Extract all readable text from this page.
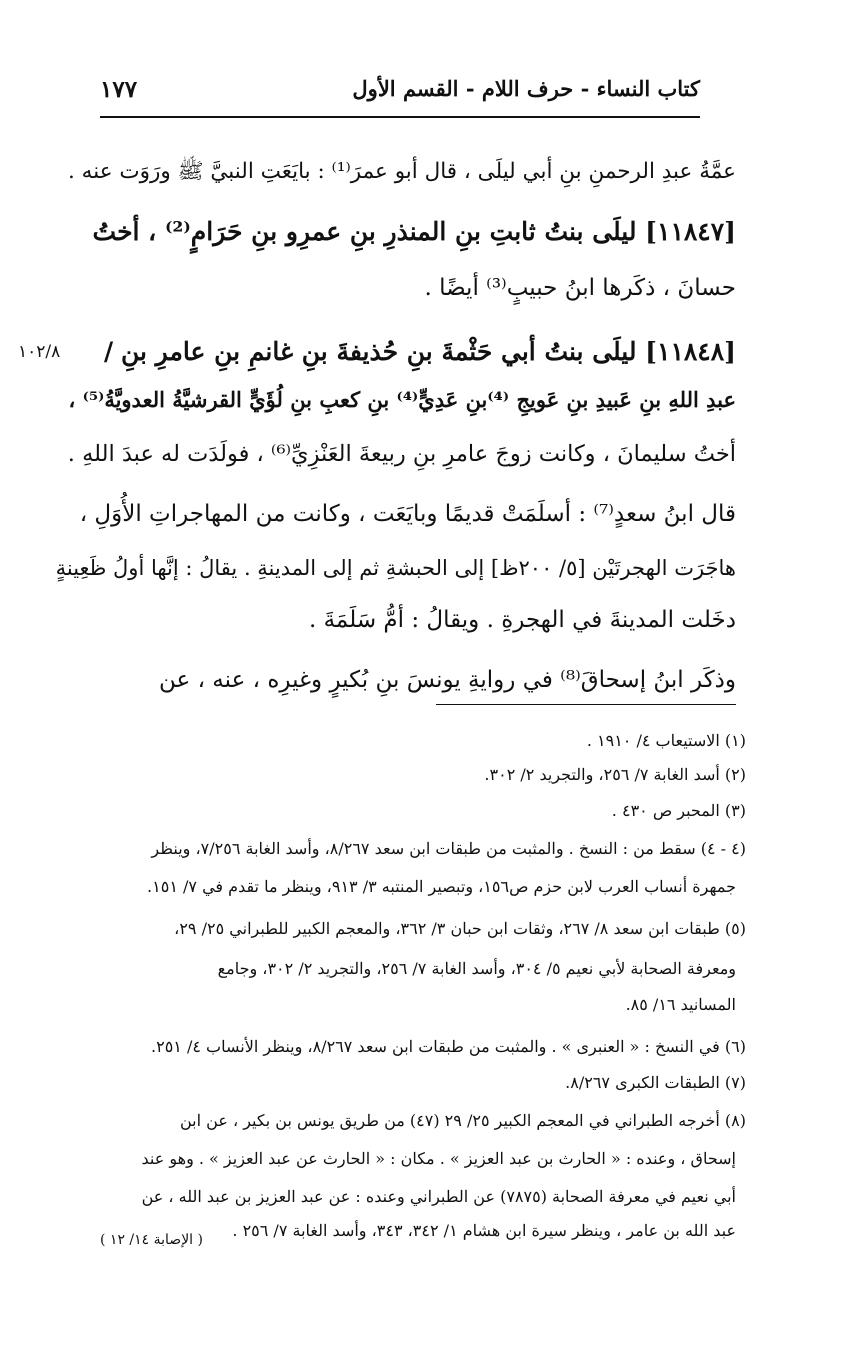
١٧٧	كتاب النساء - حرف اللام - القسم الأول
عمَّةُ عبدِ الرحمنِ بنِ أبي ليلَى ، قال أبو عمرَ⁽¹⁾ : بايَعَتِ النبيَّ ﷺ ورَوَت عنه .
[١١٨٤٧] ليلَى بنتُ ثابتِ بنِ المنذرِ بنِ عمرِو بنِ حَرَامٍ⁽²⁾ ، أختُ
حسانَ ، ذكَرها ابنُ حبيبٍ⁽³⁾ أيضًا .
١٠٢/٨ [١١٨٤٨] ليلَى بنتُ أبي حَثْمةَ بنِ حُذيفةَ بنِ غانمِ بنِ عامرِ بنِ
/
عبدِ اللهِ بنِ عَبيدِ بنِ عَويجِ ⁽⁴⁾بنِ عَدِيٍّ⁽⁴⁾ بنِ كعبِ بنِ لُؤَيٍّ القرشيَّةُ العدويَّةُ⁽⁵⁾ ،
أختُ سليمانَ ، وكانت زوجَ عامرِ بنِ ربيعةَ العَنْزِيِّ⁽⁶⁾ ، فولَدَت له عبدَ اللهِ .
قال ابنُ سعدٍ⁽⁷⁾ : أسلَمَتْ قديمًا وبايَعَت ، وكانت من المهاجراتِ الأُوَلِ ،
هاجَرَت الهجرتَيْن [٥/ ٢٠٠ظ] إلى الحبشةِ ثم إلى المدينةِ . يقالُ : إنَّها أولُ ظَعِينةٍ
دخَلت المدينةَ في الهجرةِ . ويقالُ : أمُّ سَلَمَةَ .
وذكَر ابنُ إسحاقَ⁽⁸⁾ في روايةِ يونسَ بنِ بُكيرٍ وغيرِه ، عنه ، عن
(١) الاستيعاب ٤/ ١٩١٠ .
(٢) أسد الغابة ٧/ ٢٥٦، والتجريد ٢/ ٣٠٢.
(٣) المحبر ص ٤٣٠ .
(٤ - ٤) سقط من : النسخ . والمثبت من طبقات ابن سعد ٨/٢٦٧، وأسد الغابة ٧/٢٥٦، وينظر
جمهرة أنساب العرب لابن حزم ص١٥٦، وتبصير المنتبه ٣/ ٩١٣، وينظر ما تقدم في ٧/ ١٥١.
(٥) طبقات ابن سعد ٨/ ٢٦٧، وثقات ابن حبان ٣/ ٣٦٢، والمعجم الكبير للطبراني ٢٥/ ٢٩،
ومعرفة الصحابة لأبي نعيم ٥/ ٣٠٤، وأسد الغابة ٧/ ٢٥٦، والتجريد ٢/ ٣٠٢، وجامع
المسانيد ١٦/ ٨٥.
(٦) في النسخ : « العنبرى » . والمثبت من طبقات ابن سعد ٨/٢٦٧، وينظر الأنساب ٤/ ٢٥١.
(٧) الطبقات الكبرى ٨/٢٦٧.
(٨) أخرجه الطبراني في المعجم الكبير ٢٥/ ٢٩ (٤٧) من طريق يونس بن بكير ، عن ابن
إسحاق ، وعنده : « الحارث بن عبد العزيز » . مكان : « الحارث عن عبد العزيز » . وهو عند
أبي نعيم في معرفة الصحابة (٧٨٧٥) عن الطبراني وعنده : عن عبد العزيز بن عبد الله ، عن
عبد الله بن عامر ، وينظر سيرة ابن هشام ١/ ٣٤٢، ٣٤٣، وأسد الغابة ٧/ ٢٥٦ .
( الإصابة ١٤/ ١٢ )
